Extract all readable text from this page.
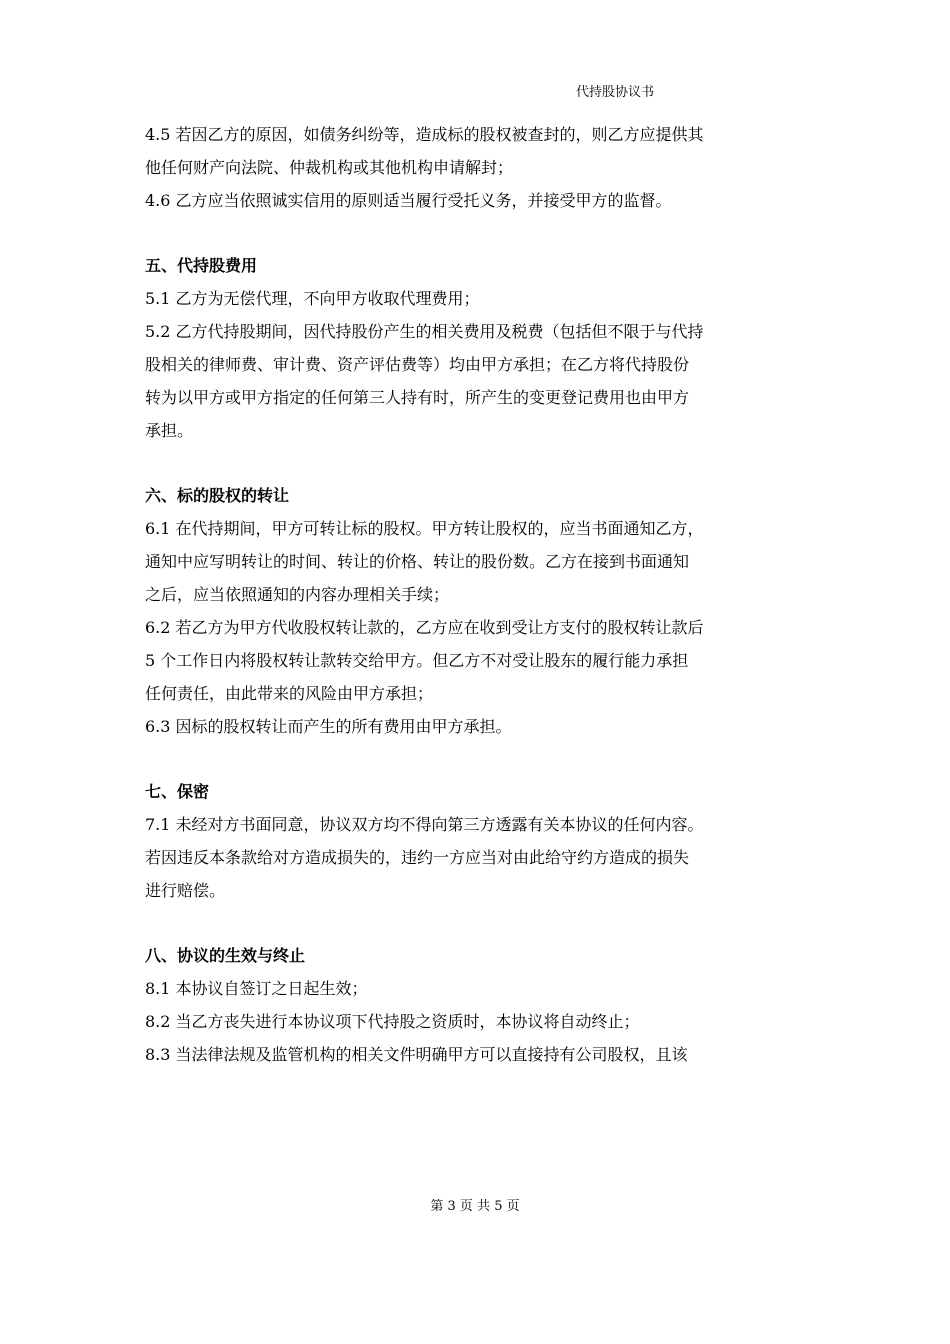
代持股协议书
4.5 若因乙方的原因，如债务纠纷等，造成标的股权被查封的，则乙方应提供其
他任何财产向法院、仲裁机构或其他机构申请解封；
4.6 乙方应当依照诚实信用的原则适当履行受托义务，并接受甲方的监督。
五、代持股费用
5.1 乙方为无偿代理，不向甲方收取代理费用；
5.2 乙方代持股期间，因代持股份产生的相关费用及税费（包括但不限于与代持
股相关的律师费、审计费、资产评估费等）均由甲方承担；在乙方将代持股份
转为以甲方或甲方指定的任何第三人持有时，所产生的变更登记费用也由甲方
承担。
六、标的股权的转让
6.1 在代持期间，甲方可转让标的股权。甲方转让股权的，应当书面通知乙方，
通知中应写明转让的时间、转让的价格、转让的股份数。乙方在接到书面通知
之后，应当依照通知的内容办理相关手续；
6.2 若乙方为甲方代收股权转让款的，乙方应在收到受让方支付的股权转让款后
5 个工作日内将股权转让款转交给甲方。但乙方不对受让股东的履行能力承担
任何责任，由此带来的风险由甲方承担；
6.3 因标的股权转让而产生的所有费用由甲方承担。
七、保密
7.1 未经对方书面同意，协议双方均不得向第三方透露有关本协议的任何内容。
若因违反本条款给对方造成损失的，违约一方应当对由此给守约方造成的损失
进行赔偿。
八、协议的生效与终止
8.1 本协议自签订之日起生效；
8.2 当乙方丧失进行本协议项下代持股之资质时，本协议将自动终止；
8.3 当法律法规及监管机构的相关文件明确甲方可以直接持有公司股权，且该
第 3 页 共 5 页
